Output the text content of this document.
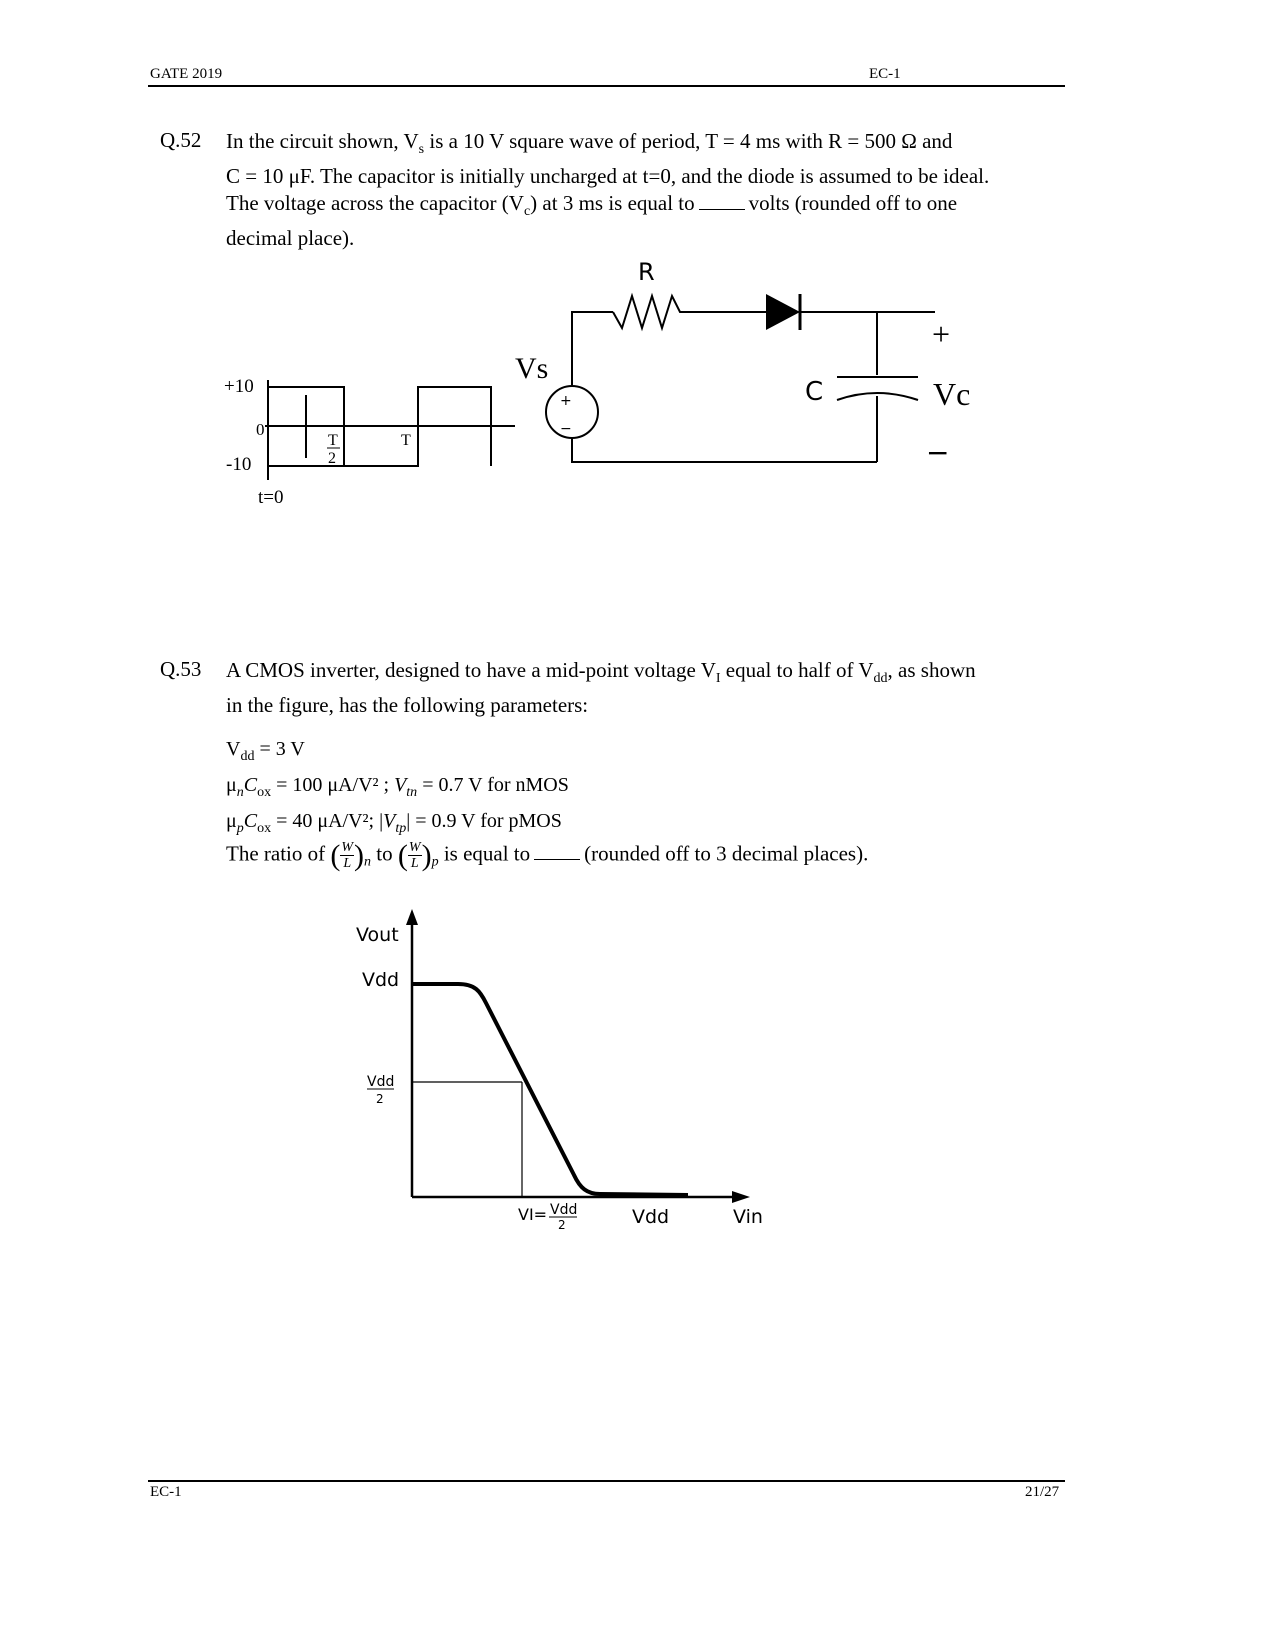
GATE 2019	EC-1
Q.52 In the circuit shown, $V_s$ is a 10 V square wave of period, T = 4 ms with R = 500 Ω and
C = 10 μF. The capacitor is initially uncharged at t=0, and the diode is assumed to be ideal.
The voltage across the capacitor $(V_c)$ at 3 ms is equal to	volts (rounded off to one
decimal place).
+10
0
-10
t=0
T
2
T
+
−
R
Vs
C
+
Vc
−
Q.53 A CMOS inverter, designed to have a mid-point voltage $V_I$ equal to half of $V_{dd}$, as shown
in the figure, has the following parameters:
$V_{dd} = 3$ V
$\mu_nC_{ox} = 100$ μA/V² ; $V_{tn} = 0.7$ V for nMOS
$\mu_pC_{ox} = 40$ μA/V²; $|V_{tp}| = 0.9$ V for pMOS
The ratio of ( $\frac{W}{L} )_n$ to ( $\frac{W}{L} )_p$ is equal to	(rounded off to 3 decimal places).
Vout
Vdd
Vdd
2
VI= Vdd
2	Vdd	Vin
EC-1	21/27
